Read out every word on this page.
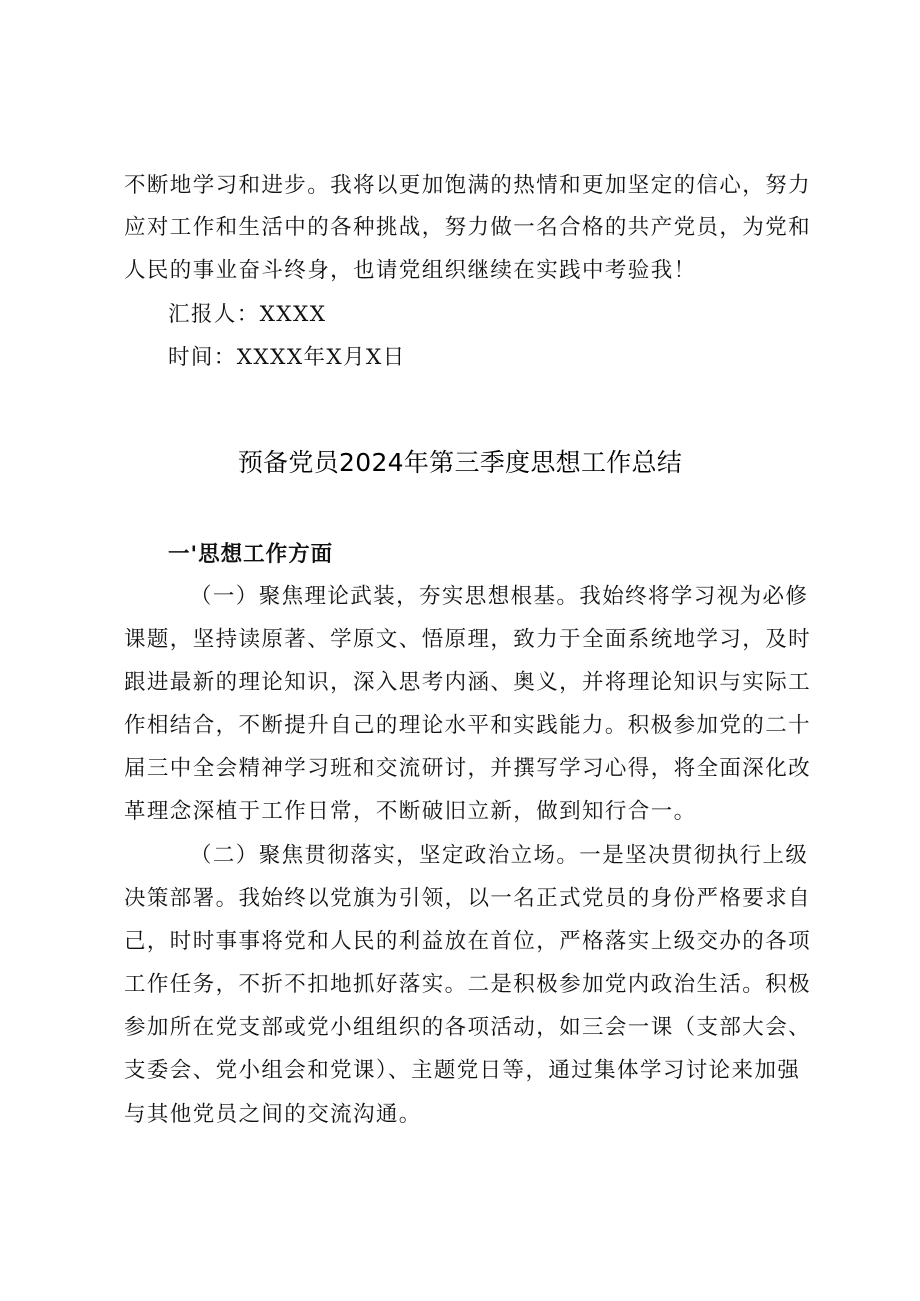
不断地学习和进步。我将以更加饱满的热情和更加坚定的信心，努力
应对工作和生活中的各种挑战，努力做一名合格的共产党员，为党和
人民的事业奋斗终身，也请党组织继续在实践中考验我！
汇报人：XXXX
时间：XXXX年X月X日
预备党员2024年第三季度思想工作总结
一'思想工作方面
（一）聚焦理论武装，夯实思想根基。我始终将学习视为必修
课题，坚持读原著、学原文、悟原理，致力于全面系统地学习，及时
跟进最新的理论知识，深入思考内涵、奥义，并将理论知识与实际工
作相结合，不断提升自己的理论水平和实践能力。积极参加党的二十
届三中全会精神学习班和交流研讨，并撰写学习心得，将全面深化改
革理念深植于工作日常，不断破旧立新，做到知行合一。
（二）聚焦贯彻落实，坚定政治立场。一是坚决贯彻执行上级
决策部署。我始终以党旗为引领，以一名正式党员的身份严格要求自
己，时时事事将党和人民的利益放在首位，严格落实上级交办的各项
工作任务，不折不扣地抓好落实。二是积极参加党内政治生活。积极
参加所在党支部或党小组组织的各项活动，如三会一课（支部大会、
支委会、党小组会和党课）、主题党日等，通过集体学习讨论来加强
与其他党员之间的交流沟通。
